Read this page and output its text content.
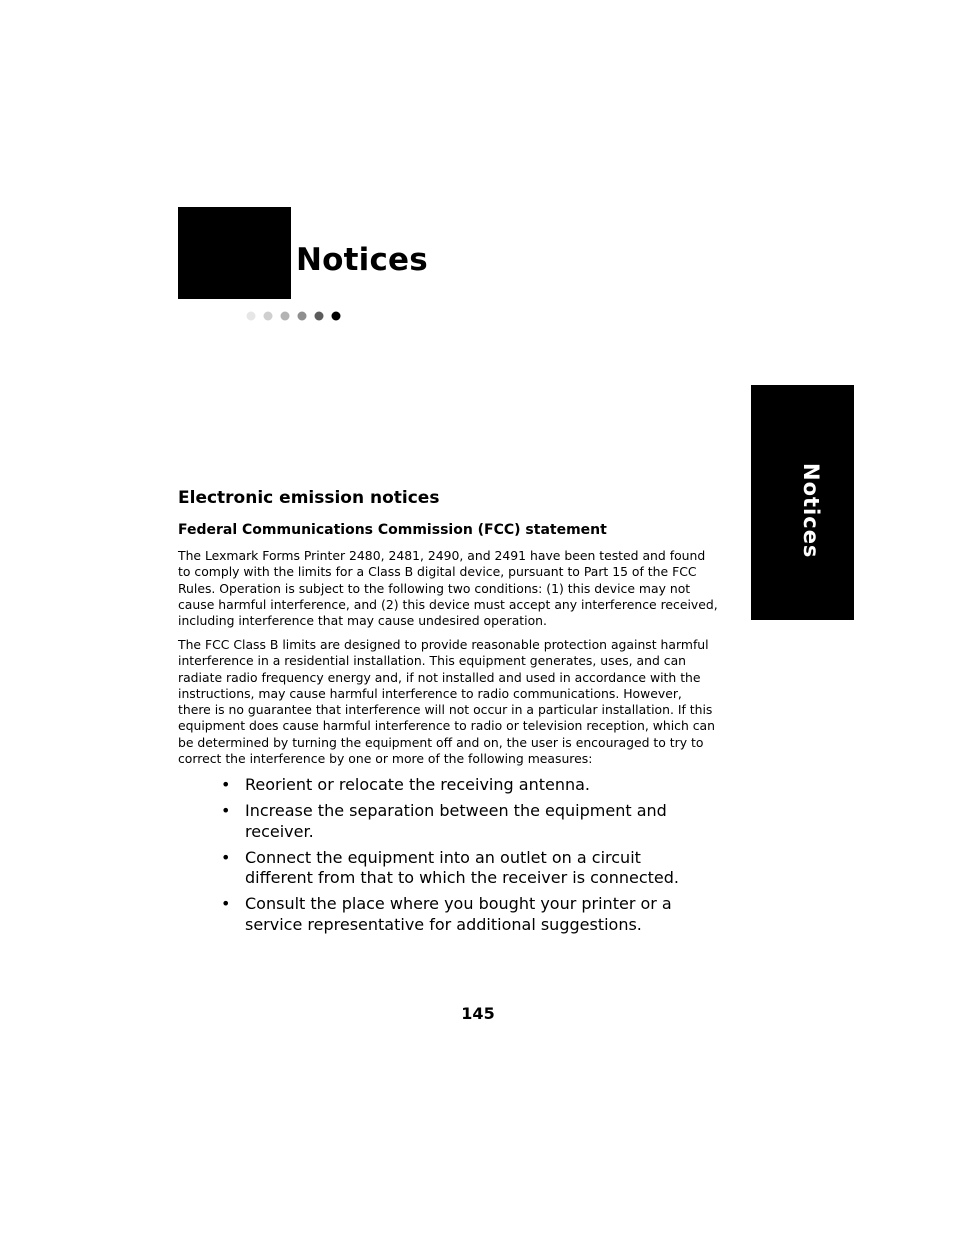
Notices
Notices
Electronic emission notices
Federal Communications Commission (FCC) statement

The Lexmark Forms Printer 2480, 2481, 2490, and 2491 have been tested and found to comply with the limits for a Class B digital device, pursuant to Part 15 of the FCC Rules. Operation is subject to the following two conditions: (1) this device may not cause harmful interference, and (2) this device must accept any interference received, including interference that may cause undesired operation.

The FCC Class B limits are designed to provide reasonable protection against harmful interference in a residential installation. This equipment generates, uses, and can radiate radio frequency energy and, if not installed and used in accordance with the instructions, may cause harmful interference to radio communications. However, there is no guarantee that interference will not occur in a particular installation. If this equipment does cause harmful interference to radio or television reception, which can be determined by turning the equipment off and on, the user is encouraged to try to correct the interference by one or more of the following measures:

• Reorient or relocate the receiving antenna.
• Increase the separation between the equipment and receiver.
• Connect the equipment into an outlet on a circuit different from that to which the receiver is connected.
• Consult the place where you bought your printer or a service representative for additional suggestions.

145
